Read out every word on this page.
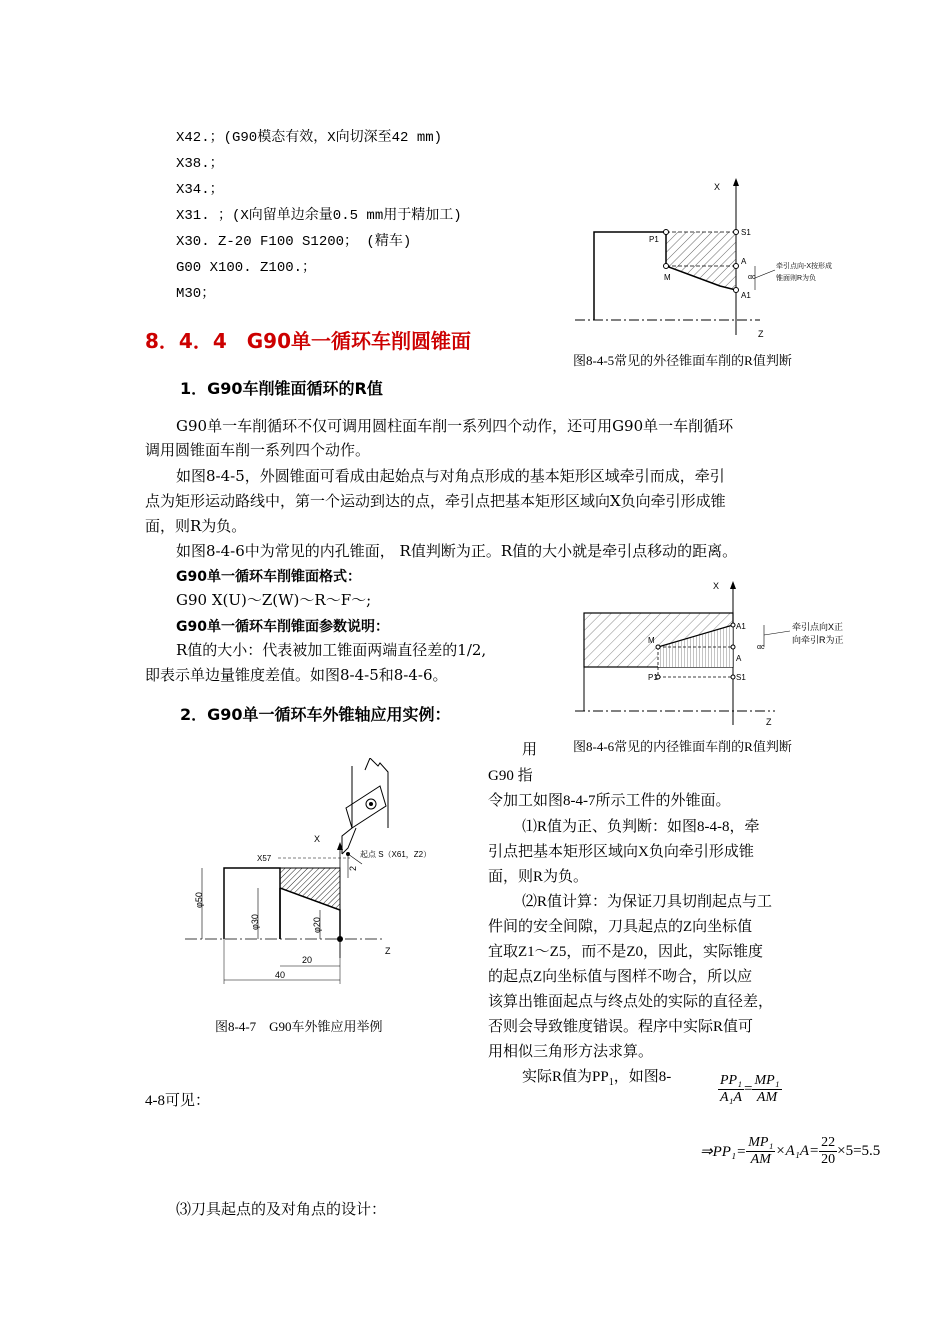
X42.；(G90模态有效，X向切深至42 mm)
X38.；
X34.；
X31. ；(X向留单边余量0.5 mm用于精加工)
X30. Z-20 F100 S1200； (精车)
G00 X100. Z100.；
M30；
X
Z
P1
S1
M
A
A1
αc
牵引点向-X按形成
锥面则R为负
图8-4-5常见的外径锥面车削的R值判断
8．4．4　G90单一循环车削圆锥面
1．G90车削锥面循环的R值
G90单一车削循环不仅可调用圆柱面车削一系列四个动作，还可用G90单一车削循环
调用圆锥面车削一系列四个动作。
如图8-4-5，外圆锥面可看成由起始点与对角点形成的基本矩形区域牵引而成，牵引
点为矩形运动路线中，第一个运动到达的点，牵引点把基本矩形区域向X负向牵引形成锥
面，则R为负。
如图8-4-6中为常见的内孔锥面， R值判断为正。R值的大小就是牵引点移动的距离。
G90单一循环车削锥面格式：
G90 X(U)～Z(W)～R～F～;
G90单一循环车削锥面参数说明：
R值的大小：代表被加工锥面两端直径差的1/2,
即表示单边量锥度差值。如图8-4-5和8-4-6。
X
Z
A1
A
M
P1	S1
αc
牵引点向X正
向牵引R为正
图8-4-6常见的内径锥面车削的R值判断
2．G90单一循环车外锥轴应用实例：
X
Z
X57	起点 S（X61，Z2）
φ50
φ30	φ20
2
20
40
图8-4-7　G90车外锥应用举例
用
G90 指
令加工如图8-4-7所示工件的外锥面。
⑴R值为正、负判断：如图8-4-8，牵
引点把基本矩形区域向X负向牵引形成锥
面，则R为负。
⑵R值计算：为保证刀具切削起点与工
件间的安全间隙，刀具起点的Z向坐标值
宜取Z1～Z5，而不是Z0，因此，实际锥度
的起点Z向坐标值与图样不吻合，所以应
该算出锥面起点与终点处的实际的直径差，
否则会导致锥度错误。程序中实际R值可
用相似三角形方法求算。
实际R值为$PP_1$，如图8-
4-8可见：	$\frac{\text{PP₁}}{\text{A₁A}} = \frac{\text{MP₁}}{AM}$
⇒PP₁= $\frac{\text{MP₁}}{AM} \times A_1A= \frac{22}{20} \times 5=5.5$
⑶刀具起点的及对角点的设计：
